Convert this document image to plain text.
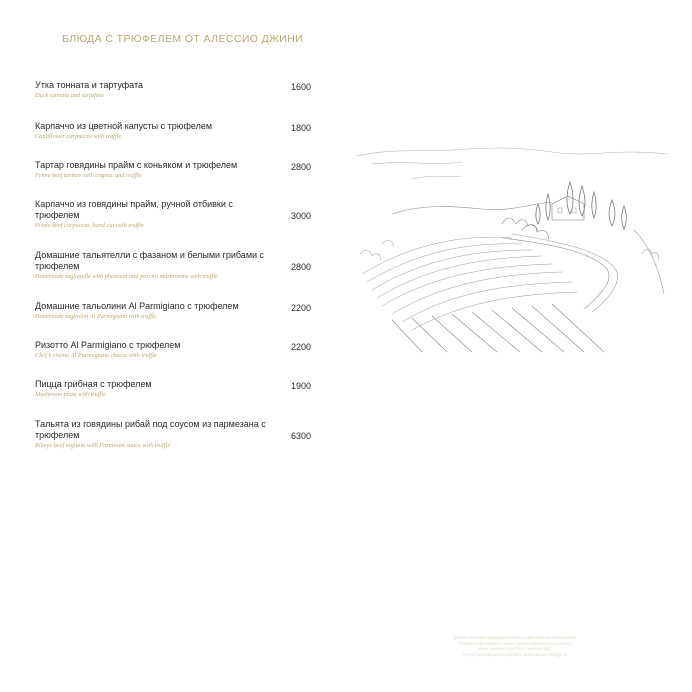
БЛЮДА С ТРЮФЕЛЕМ ОТ АЛЕССИО ДЖИНИ
Утка тонната и тартуфата
Duck tonnata and tartufata
1600
Карпаччо из цветной капусты с трюфелем
Cauliflower carpaccio with truffle
1800
Тартар говядины прайм с коньяком и трюфелем
Prime beef tartare with cognac and truffle
2800
Карпаччо из говядины прайм, ручной отбивки с трюфелем
Prime beef carpaccio, hand cut with truffle
3000
Домашние тальятелли с фазаном и белыми грибами с трюфелем
Homemade tagliatelle with pheasant and porcini mushrooms with truffle
2800
Домашние тальолини Al Parmigiano с трюфелем
Homemade tagliolini Al Parmigiano with truffle
2200
Ризотто Al Parmigiano с трюфелем
Chef’s risotto Al Parmegiano cheese with truffle
2200
Пицца грибная с трюфелем
Mushroom pizza with truffle
1900
Тальята из говядины рибай под соусом из пармезана с трюфелем
Ribeye beef tagliata with Parmesan sauce with truffle
6300
Данная печатная продукция является рекламным материалом.
Полная информация о меню предоставляется по запросу.
Цены указаны в рублях с учетом НДС.
Услуга производится в рублях, включая все продукты
